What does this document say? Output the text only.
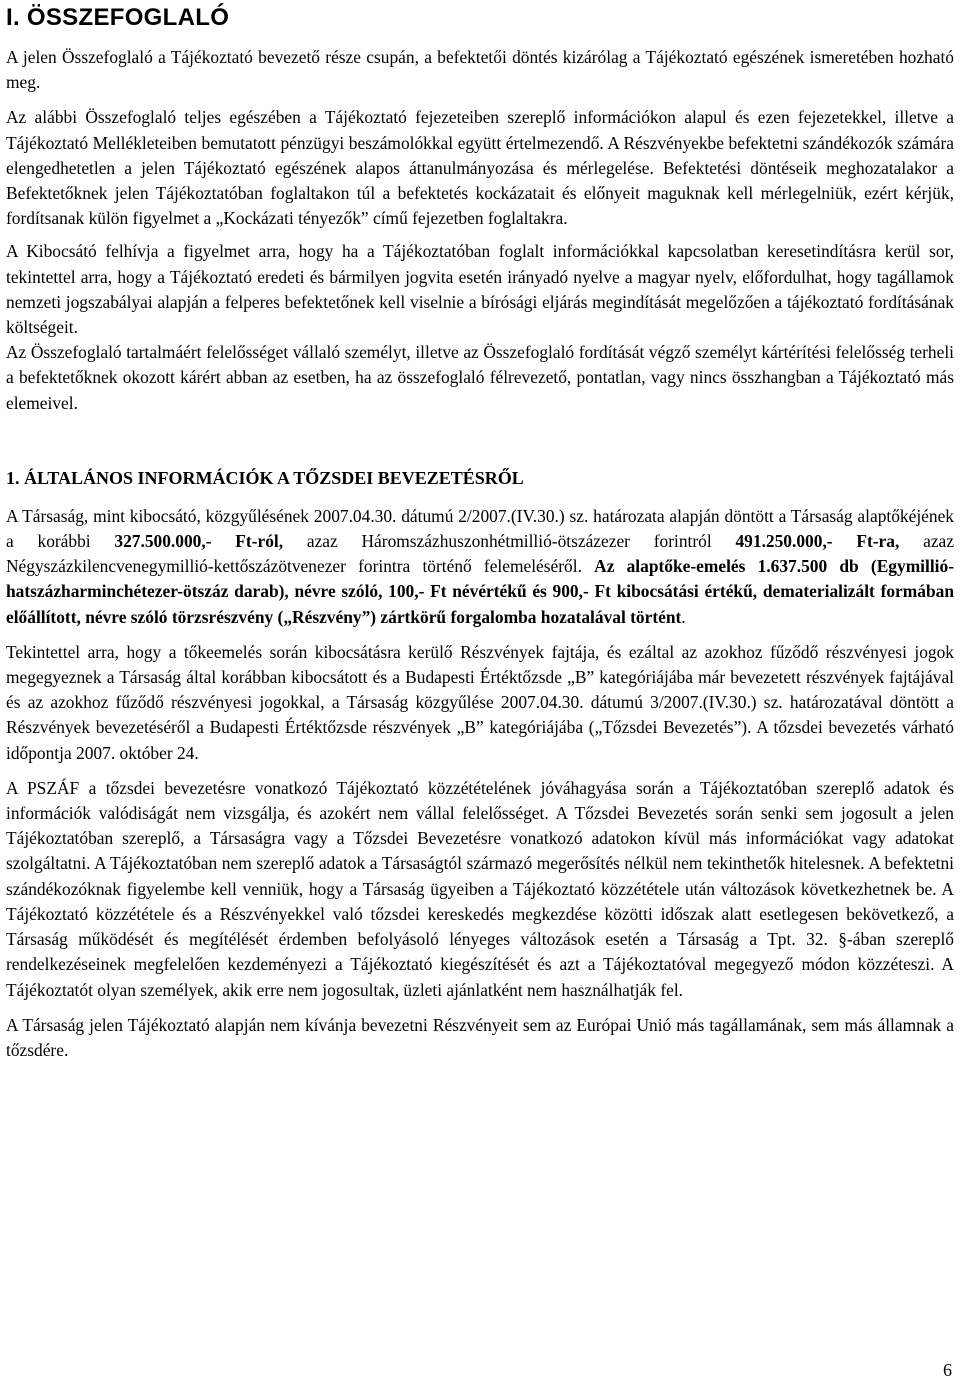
I. ÖSSZEFOGLALÓ

A jelen Összefoglaló a Tájékoztató bevezető része csupán, a befektetői döntés kizárólag a Tájékoztató egészének ismeretében hozható meg.

Az alábbi Összefoglaló teljes egészében a Tájékoztató fejezeteiben szereplő információkon alapul és ezen fejezetekkel, illetve a Tájékoztató Mellékleteiben bemutatott pénzügyi beszámolókkal együtt értelmezendő. A Részvényekbe befektetni szándékozók számára elengedhetetlen a jelen Tájékoztató egészének alapos áttanulmányozása és mérlegelése. Befektetési döntéseik meghozatalakor a Befektetőknek jelen Tájékoztatóban foglaltakon túl a befektetés kockázatait és előnyeit maguknak kell mérlegelniük, ezért kérjük, fordítsanak külön figyelmet a „Kockázati tényezők” című fejezetben foglaltakra.

A Kibocsátó felhívja a figyelmet arra, hogy ha a Tájékoztatóban foglalt információkkal kapcsolatban keresetindításra kerül sor, tekintettel arra, hogy a Tájékoztató eredeti és bármilyen jogvita esetén irányadó nyelve a magyar nyelv, előfordulhat, hogy tagállamok nemzeti jogszabályai alapján a felperes befektetőnek kell viselnie a bírósági eljárás megindítását megelőzően a tájékoztató fordításának költségeit.

Az Összefoglaló tartalmáért felelősséget vállaló személyt, illetve az Összefoglaló fordítását végző személyt kártérítési felelősség terheli a befektetőknek okozott kárért abban az esetben, ha az összefoglaló félrevezető, pontatlan, vagy nincs összhangban a Tájékoztató más elemeivel.

1. ÁLTALÁNOS INFORMÁCIÓK A TŐZSDEI BEVEZETÉSRŐL

A Társaság, mint kibocsátó, közgyűlésének 2007.04.30. dátumú 2/2007.(IV.30.) sz. határozata alapján döntött a Társaság alaptőkéjének a korábbi 327.500.000,- Ft-ról, azaz Háromszázhuszonhétmillió-ötszázezer forintról 491.250.000,- Ft-ra, azaz Négyszázkilencvenegymillió-kettőszázötvenezer forintra történő felemeléséről. Az alaptőke-emelés 1.637.500 db (Egymillió-hatszázharminchétezer-ötszáz darab), névre szóló, 100,- Ft névértékű és 900,- Ft kibocsátási értékű, dematerializált formában előállított, névre szóló törzsrészvény („Részvény”) zártkörű forgalomba hozatalával történt.

Tekintettel arra, hogy a tőkeemelés során kibocsátásra kerülő Részvények fajtája, és ezáltal az azokhoz fűződő részvényesi jogok megegyeznek a Társaság által korábban kibocsátott és a Budapesti Értéktőzsde „B” kategóriájába már bevezetett részvények fajtájával és az azokhoz fűződő részvényesi jogokkal, a Társaság közgyűlése 2007.04.30. dátumú 3/2007.(IV.30.) sz. határozatával döntött a Részvények bevezetéséről a Budapesti Értéktőzsde részvények „B” kategóriájába („Tőzsdei Bevezetés”). A tőzsdei bevezetés várható időpontja 2007. október 24.

A PSZÁF a tőzsdei bevezetésre vonatkozó Tájékoztató közzétételének jóváhagyása során a Tájékoztatóban szereplő adatok és információk valódiságát nem vizsgálja, és azokért nem vállal felelősséget. A Tőzsdei Bevezetés során senki sem jogosult a jelen Tájékoztatóban szereplő, a Társaságra vagy a Tőzsdei Bevezetésre vonatkozó adatokon kívül más információkat vagy adatokat szolgáltatni. A Tájékoztatóban nem szereplő adatok a Társaságtól származó megerősítés nélkül nem tekinthetők hitelesnek. A befektetni szándékozóknak figyelembe kell venniük, hogy a Társaság ügyeiben a Tájékoztató közzététele után változások következhetnek be. A Tájékoztató közzététele és a Részvényekkel való tőzsdei kereskedés megkezdése közötti időszak alatt esetlegesen bekövetkező, a Társaság működését és megítélését érdemben befolyásoló lényeges változások esetén a Társaság a Tpt. 32. §-ában szereplő rendelkezéseinek megfelelően kezdeményezi a Tájékoztató kiegészítését és azt a Tájékoztatóval megegyező módon közzéteszi. A Tájékoztatót olyan személyek, akik erre nem jogosultak, üzleti ajánlatként nem használhatják fel.

A Társaság jelen Tájékoztató alapján nem kívánja bevezetni Részvényeit sem az Európai Unió más tagállamának, sem más államnak a tőzsdére.

6
